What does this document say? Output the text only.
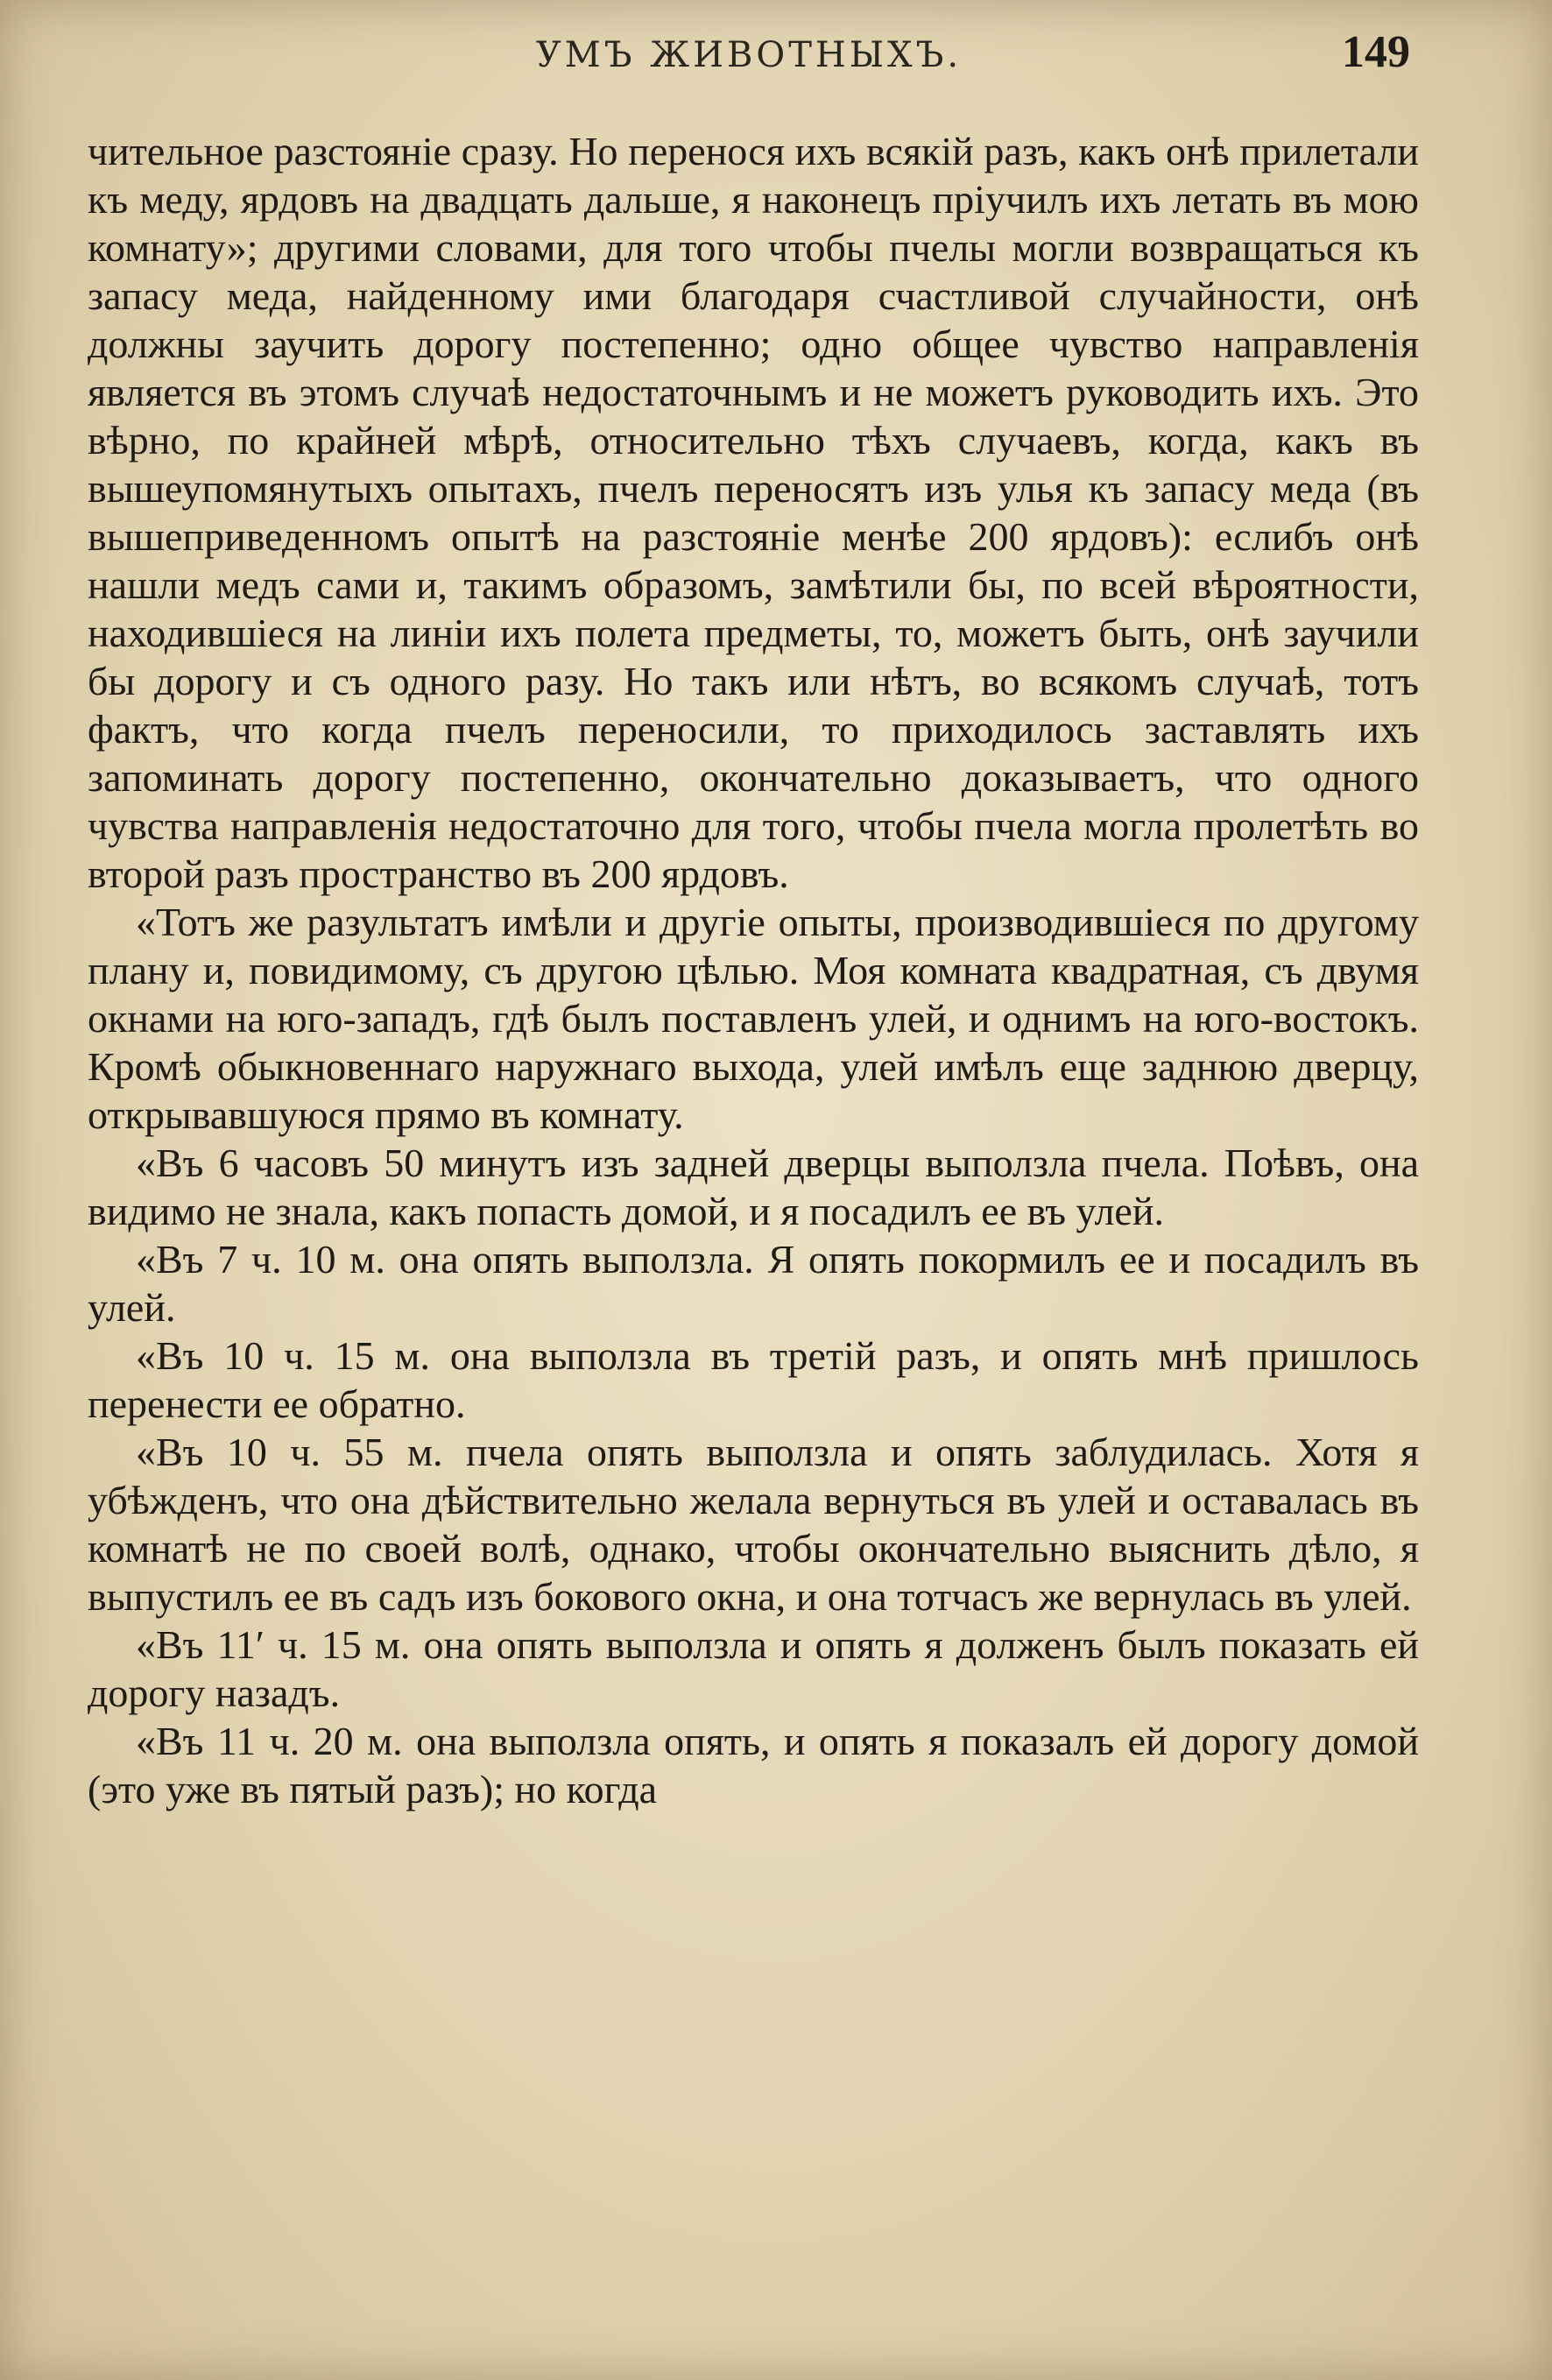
УМЪ ЖИВОТНЫХЪ.	149

чительное разстояніе сразу. Но перенося ихъ всякій разъ, какъ онѣ прилетали къ меду, ярдовъ на двадцать дальше, я наконецъ пріучилъ ихъ летать въ мою комнату»; другими словами, для того чтобы пчелы могли возвращаться къ запасу меда, найденному ими благодаря счастливой случайности, онѣ должны заучить дорогу постепенно; одно общее чувство направленія является въ этомъ случаѣ недостаточнымъ и не можетъ руководить ихъ. Это вѣрно, по крайней мѣрѣ, относительно тѣхъ случаевъ, когда, какъ въ вышеупомянутыхъ опытахъ, пчелъ переносятъ изъ улья къ запасу меда (въ вышеприведенномъ опытѣ на разстояніе менѣе 200 ярдовъ): еслибъ онѣ нашли медъ сами и, такимъ образомъ, замѣтили бы, по всей вѣроятности, находившіеся на линіи ихъ полета предметы, то, можетъ быть, онѣ заучили бы дорогу и съ одного разу. Но такъ или нѣтъ, во всякомъ случаѣ, тотъ фактъ, что когда пчелъ переносили, то приходилось заставлять ихъ запоминать дорогу постепенно, окончательно доказываетъ, что одного чувства направленія недостаточно для того, чтобы пчела могла пролетѣть во второй разъ пространство въ 200 ярдовъ.

«Тотъ же разультатъ имѣли и другіе опыты, производившіеся по другому плану и, повидимому, съ другою цѣлью. Моя комната квадратная, съ двумя окнами на юго-западъ, гдѣ былъ поставленъ улей, и однимъ на юго-востокъ. Кромѣ обыкновеннаго наружнаго выхода, улей имѣлъ еще заднюю дверцу, открывавшуюся прямо въ комнату.

«Въ 6 часовъ 50 минутъ изъ задней дверцы выползла пчела. Поѣвъ, она видимо не знала, какъ попасть домой, и я посадилъ ее въ улей.

«Въ 7 ч. 10 м. она опять выползла. Я опять покормилъ ее и посадилъ въ улей.

«Въ 10 ч. 15 м. она выползла въ третій разъ, и опять мнѣ пришлось перенести ее обратно.

«Въ 10 ч. 55 м. пчела опять выползла и опять заблудилась. Хотя я убѣжденъ, что она дѣйствительно желала вернуться въ улей и оставалась въ комнатѣ не по своей волѣ, однако, чтобы окончательно выяснить дѣло, я выпустилъ ее въ садъ изъ бокового окна, и она тотчасъ же вернулась въ улей.

«Въ 11′ ч. 15 м. она опять выползла и опять я долженъ былъ показать ей дорогу назадъ.

«Въ 11 ч. 20 м. она выползла опять, и опять я показалъ ей дорогу домой (это уже въ пятый разъ); но когда
